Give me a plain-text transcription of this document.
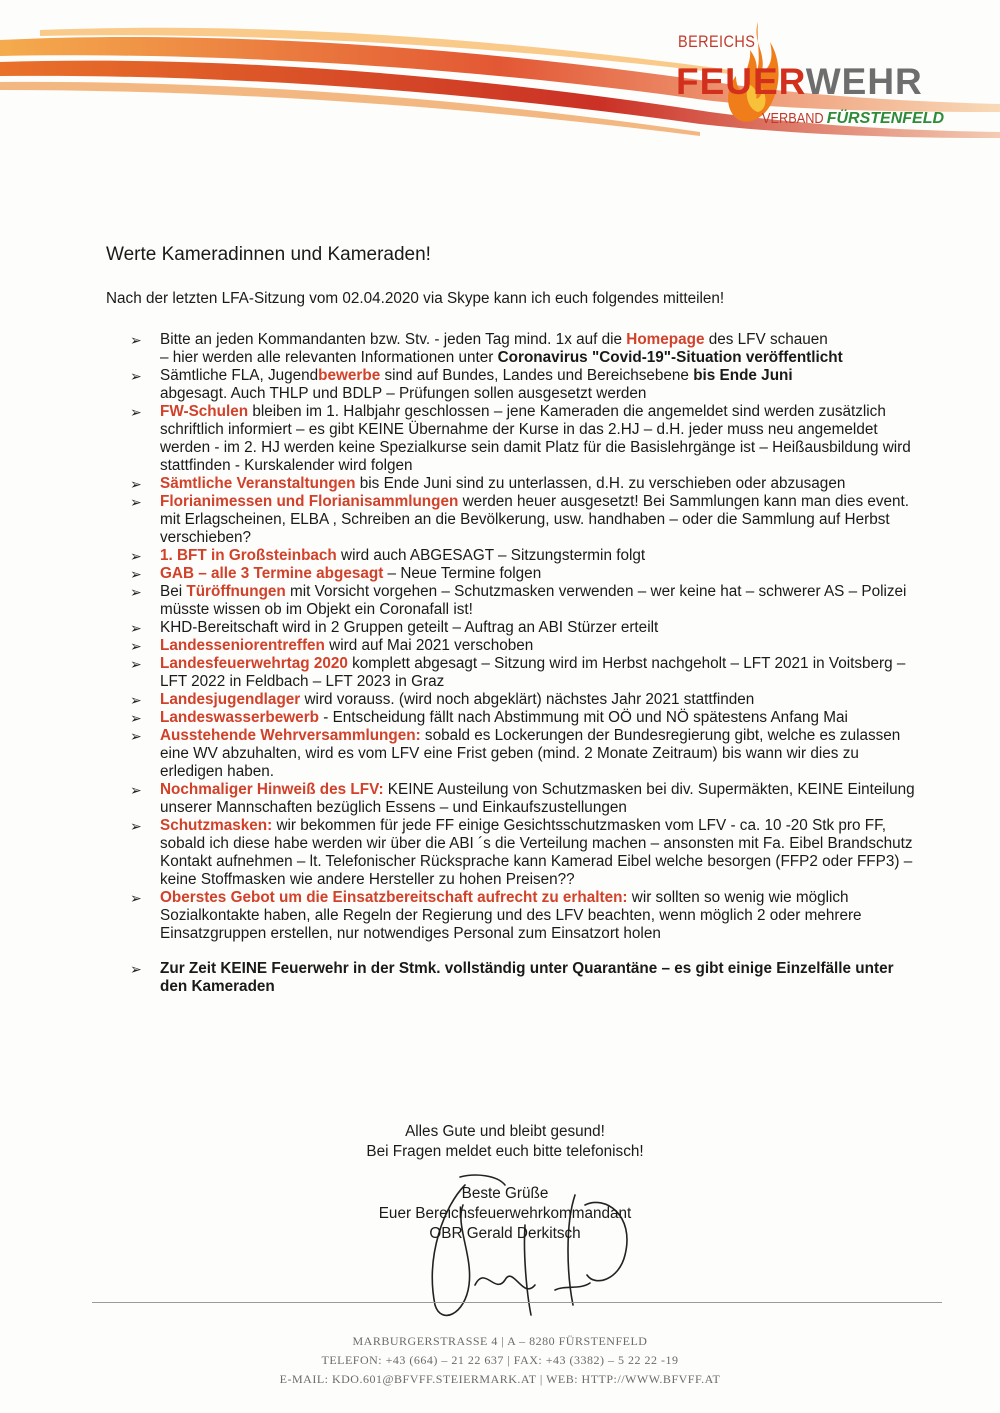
BEREICHS
FEUERWEHR
VERBAND FÜRSTENFELD
Werte Kameradinnen und Kameraden!
Nach der letzten LFA-Sitzung vom 02.04.2020 via Skype kann ich euch folgendes mitteilen!
➢ Bitte an jeden Kommandanten bzw. Stv. - jeden Tag mind. 1x auf die Homepage des LFV schauen
– hier werden alle relevanten Informationen unter Coronavirus "Covid-19"-Situation veröffentlicht
➢ Sämtliche FLA, Jugendbewerbe sind auf Bundes, Landes und Bereichsebene bis Ende Juni
abgesagt. Auch THLP und BDLP – Prüfungen sollen ausgesetzt werden
➢ FW-Schulen bleiben im 1. Halbjahr geschlossen – jene Kameraden die angemeldet sind werden zusätzlich schriftlich informiert – es gibt KEINE Übernahme der Kurse in das 2.HJ – d.H. jeder muss neu angemeldet werden - im 2. HJ werden keine Spezialkurse sein damit Platz für die Basislehrgänge ist – Heißausbildung wird stattfinden - Kurskalender wird folgen
➢ Sämtliche Veranstaltungen bis Ende Juni sind zu unterlassen, d.H. zu verschieben oder abzusagen
➢ Florianimessen und Florianisammlungen werden heuer ausgesetzt! Bei Sammlungen kann man dies event. mit Erlagscheinen, ELBA , Schreiben an die Bevölkerung, usw. handhaben – oder die Sammlung auf Herbst verschieben?
➢ 1. BFT in Großsteinbach wird auch ABGESAGT – Sitzungstermin folgt
➢ GAB – alle 3 Termine abgesagt – Neue Termine folgen
➢ Bei Türöffnungen mit Vorsicht vorgehen – Schutzmasken verwenden – wer keine hat – schwerer AS – Polizei müsste wissen ob im Objekt ein Coronafall ist!
➢ KHD-Bereitschaft wird in 2 Gruppen geteilt – Auftrag an ABI Stürzer erteilt
➢ Landesseniorentreffen wird auf Mai 2021 verschoben
➢ Landesfeuerwehrtag 2020 komplett abgesagt – Sitzung wird im Herbst nachgeholt – LFT 2021 in Voitsberg – LFT 2022 in Feldbach – LFT 2023 in Graz
➢ Landesjugendlager wird vorauss. (wird noch abgeklärt) nächstes Jahr 2021 stattfinden
➢ Landeswasserbewerb - Entscheidung fällt nach Abstimmung mit OÖ und NÖ spätestens Anfang Mai
➢ Ausstehende Wehrversammlungen: sobald es Lockerungen der Bundesregierung gibt, welche es zulassen eine WV abzuhalten, wird es vom LFV eine Frist geben (mind. 2 Monate Zeitraum) bis wann wir dies zu erledigen haben.
➢ Nochmaliger Hinweiß des LFV: KEINE Austeilung von Schutzmasken bei div. Supermäkten, KEINE Einteilung unserer Mannschaften bezüglich Essens – und Einkaufszustellungen
➢ Schutzmasken: wir bekommen für jede FF einige Gesichtsschutzmasken vom LFV - ca. 10 -20 Stk pro FF, sobald ich diese habe werden wir über die ABI ´s die Verteilung machen – ansonsten mit Fa. Eibel Brandschutz Kontakt aufnehmen – lt. Telefonischer Rücksprache kann Kamerad Eibel welche besorgen (FFP2 oder FFP3) – keine Stoffmasken wie andere Hersteller zu hohen Preisen??
➢ Oberstes Gebot um die Einsatzbereitschaft aufrecht zu erhalten: wir sollten so wenig wie möglich Sozialkontakte haben, alle Regeln der Regierung und des LFV beachten, wenn möglich 2 oder mehrere Einsatzgruppen erstellen, nur notwendiges Personal zum Einsatzort holen
➢ Zur Zeit KEINE Feuerwehr in der Stmk. vollständig unter Quarantäne – es gibt einige Einzelfälle unter den Kameraden
Alles Gute und bleibt gesund!
Bei Fragen meldet euch bitte telefonisch!
Beste Grüße
Euer Bereichsfeuerwehrkommandant
OBR Gerald Derkitsch
MARBURGERSTRASSE 4 | A – 8280 FÜRSTENFELD
TELEFON: +43 (664) – 21 22 637 | FAX: +43 (3382) – 5 22 22 -19
E-MAIL: KDO.601@BFVFF.STEIERMARK.AT | WEB: HTTP://WWW.BFVFF.AT
